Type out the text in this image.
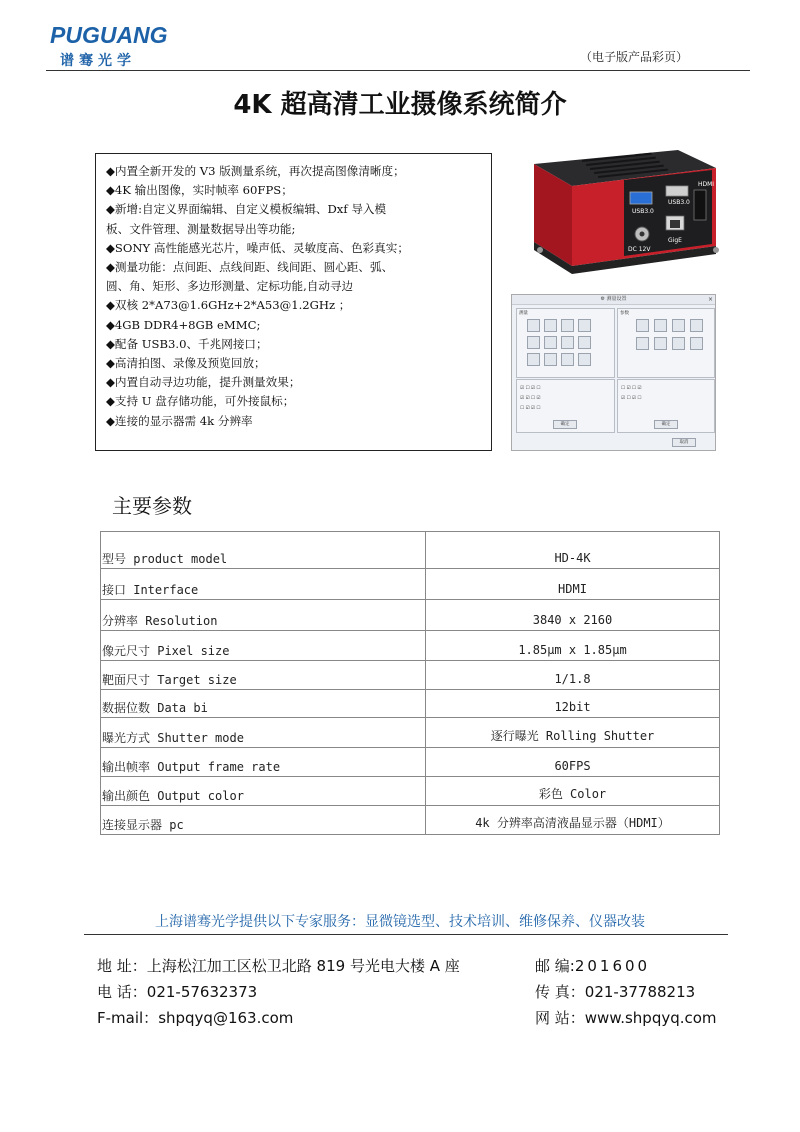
PUGUANG
谱骞光学	（电子版产品彩页）
4K 超高清工业摄像系统简介
◆内置全新开发的 V3 版测量系统，再次提高图像清晰度；
◆4K 输出图像，实时帧率 60FPS；
◆新增:自定义界面编辑、自定义模板编辑、Dxf 导入模
板、文件管理、测量数据导出等功能;
◆SONY 高性能感光芯片，噪声低、灵敏度高、色彩真实；
◆测量功能：点间距、点线间距、线间距、圆心距、弧、
圆、角、矩形、多边形测量、定标功能,自动寻边
◆双核 2*A73@1.6GHz+2*A53@1.2GHz ；
◆4GB DDR4+8GB eMMC;
◆配备 USB3.0、千兆网接口；
◆高清拍图、录像及预览回放；
◆内置自动寻边功能，提升测量效果；
◆支持 U 盘存储功能，可外接鼠标；
◆连接的显示器需 4k 分辨率
USB3.0
USB3.0
HDMI
DC 12V
GigE
⚙ 测量设置	×
测量	参数
☑ ☐ ☑ ☐
☑ ☑ ☐ ☑
☐ ☑ ☑ ☐
确定
☐ ☑ ☐ ☑
☑ ☐ ☑ ☐
确定
取消
主要参数
型号 product model	HD-4K
接口 Interface	HDMI
分辨率 Resolution	3840 x 2160
像元尺寸 Pixel size	1.85μm x 1.85μm
靶面尺寸 Target size	1/1.8
数据位数 Data bi	12bit
曝光方式 Shutter mode	逐行曝光 Rolling Shutter
输出帧率 Output frame rate	60FPS
输出颜色 Output color	彩色 Color
连接显示器 pc	4k 分辨率高清液晶显示器（HDMI）
上海谱骞光学提供以下专家服务：显微镜选型、技术培训、维修保养、仪器改装
地 址：上海松江加工区松卫北路 819 号光电大楼 A 座
电 话：021-57632373
F-mail：shpqyq@163.com
邮 编:201600
传 真：021-37788213
网 站：www.shpqyq.com
